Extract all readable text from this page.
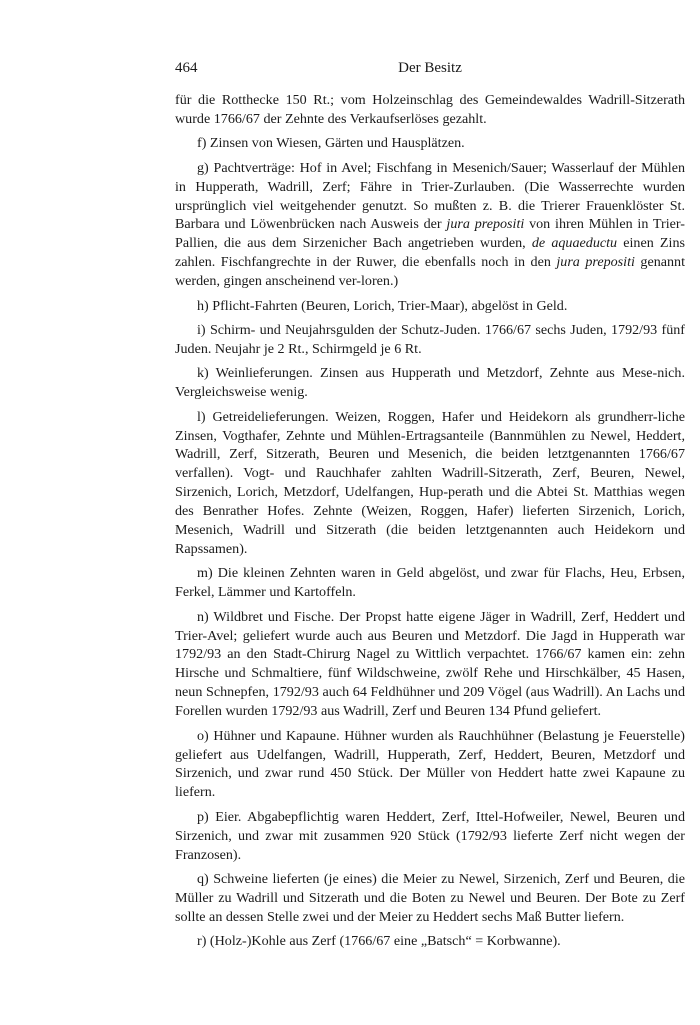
464	Der Besitz

für die Rotthecke 150 Rt.; vom Holzeinschlag des Gemeindewaldes Wadrill-Sitzerath wurde 1766/67 der Zehnte des Verkaufserlöses gezahlt.

f) Zinsen von Wiesen, Gärten und Hausplätzen.

g) Pachtverträge: Hof in Avel; Fischfang in Mesenich/Sauer; Wasserlauf der Mühlen in Hupperath, Wadrill, Zerf; Fähre in Trier-Zurlauben. (Die Wasserrechte wurden ursprünglich viel weitgehender genutzt. So mußten z. B. die Trierer Frauenklöster St. Barbara und Löwenbrücken nach Ausweis der jura prepositi von ihren Mühlen in Trier-Pallien, die aus dem Sirzenicher Bach angetrieben wurden, de aquaeductu einen Zins zahlen. Fischfangrechte in der Ruwer, die ebenfalls noch in den jura prepositi genannt werden, gingen anscheinend ver-loren.)

h) Pflicht-Fahrten (Beuren, Lorich, Trier-Maar), abgelöst in Geld.

i) Schirm- und Neujahrsgulden der Schutz-Juden. 1766/67 sechs Juden, 1792/93 fünf Juden. Neujahr je 2 Rt., Schirmgeld je 6 Rt.

k) Weinlieferungen. Zinsen aus Hupperath und Metzdorf, Zehnte aus Mese-nich. Vergleichsweise wenig.

l) Getreidelieferungen. Weizen, Roggen, Hafer und Heidekorn als grundherr-liche Zinsen, Vogthafer, Zehnte und Mühlen-Ertragsanteile (Bannmühlen zu Newel, Heddert, Wadrill, Zerf, Sitzerath, Beuren und Mesenich, die beiden letztgenannten 1766/67 verfallen). Vogt- und Rauchhafer zahlten Wadrill-Sitzerath, Zerf, Beuren, Newel, Sirzenich, Lorich, Metzdorf, Udelfangen, Hup-perath und die Abtei St. Matthias wegen des Benrather Hofes. Zehnte (Weizen, Roggen, Hafer) lieferten Sirzenich, Lorich, Mesenich, Wadrill und Sitzerath (die beiden letztgenannten auch Heidekorn und Rapssamen).

m) Die kleinen Zehnten waren in Geld abgelöst, und zwar für Flachs, Heu, Erbsen, Ferkel, Lämmer und Kartoffeln.

n) Wildbret und Fische. Der Propst hatte eigene Jäger in Wadrill, Zerf, Heddert und Trier-Avel; geliefert wurde auch aus Beuren und Metzdorf. Die Jagd in Hupperath war 1792/93 an den Stadt-Chirurg Nagel zu Wittlich verpachtet. 1766/67 kamen ein: zehn Hirsche und Schmaltiere, fünf Wildschweine, zwölf Rehe und Hirschkälber, 45 Hasen, neun Schnepfen, 1792/93 auch 64 Feldhühner und 209 Vögel (aus Wadrill). An Lachs und Forellen wurden 1792/93 aus Wadrill, Zerf und Beuren 134 Pfund geliefert.

o) Hühner und Kapaune. Hühner wurden als Rauchhühner (Belastung je Feuerstelle) geliefert aus Udelfangen, Wadrill, Hupperath, Zerf, Heddert, Beuren, Metzdorf und Sirzenich, und zwar rund 450 Stück. Der Müller von Heddert hatte zwei Kapaune zu liefern.

p) Eier. Abgabepflichtig waren Heddert, Zerf, Ittel-Hofweiler, Newel, Beuren und Sirzenich, und zwar mit zusammen 920 Stück (1792/93 lieferte Zerf nicht wegen der Franzosen).

q) Schweine lieferten (je eines) die Meier zu Newel, Sirzenich, Zerf und Beuren, die Müller zu Wadrill und Sitzerath und die Boten zu Newel und Beuren. Der Bote zu Zerf sollte an dessen Stelle zwei und der Meier zu Heddert sechs Maß Butter liefern.

r) (Holz-)Kohle aus Zerf (1766/67 eine „Batsch“ = Korbwanne).
